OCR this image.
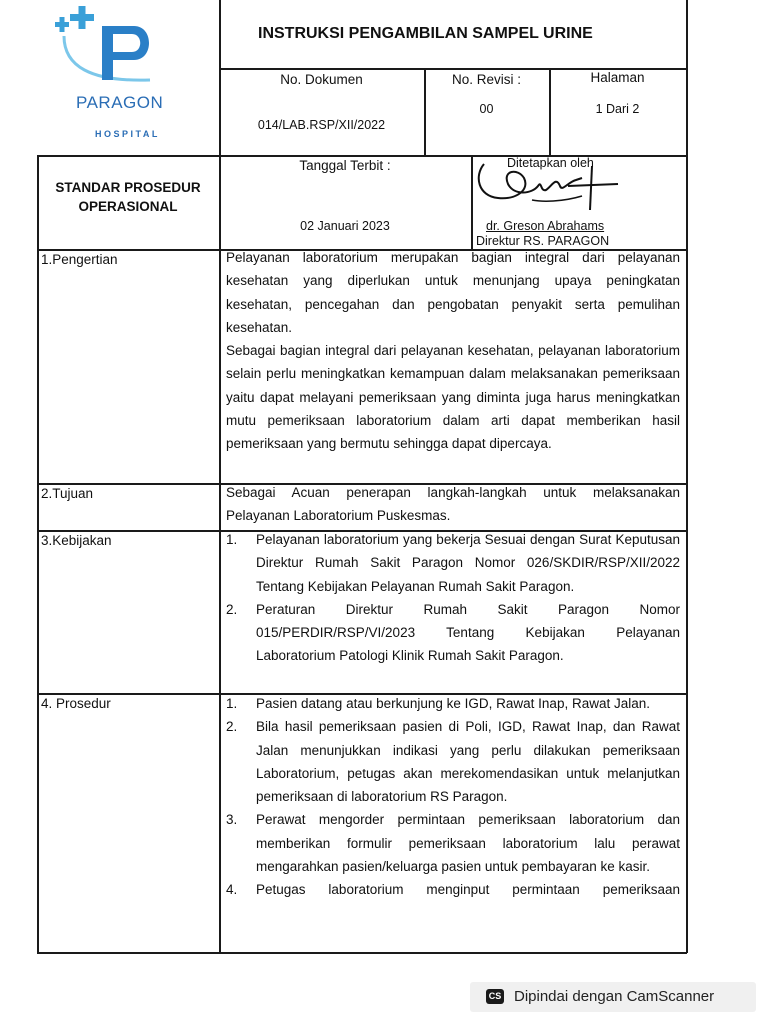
PARAGON
HOSPITAL
INSTRUKSI PENGAMBILAN SAMPEL URINE
No. Dokumen
014/LAB.RSP/XII/2022
No. Revisi :
00
Halaman
1 Dari 2
STANDAR PROSEDUR
OPERASIONAL
Tanggal Terbit :
02 Januari 2023
Ditetapkan oleh
dr. Greson Abrahams
Direktur RS. PARAGON
1.Pengertian	Pelayanan laboratorium merupakan bagian integral dari pelayanan kesehatan yang diperlukan untuk menunjang upaya peningkatan kesehatan, pencegahan dan pengobatan penyakit serta pemulihan kesehatan.

Sebagai bagian integral dari pelayanan kesehatan, pelayanan laboratorium selain perlu meningkatkan kemampuan dalam melaksanakan pemeriksaan yaitu dapat melayani pemeriksaan yang diminta juga harus meningkatkan mutu pemeriksaan laboratorium dalam arti dapat memberikan hasil pemeriksaan yang bermutu sehingga dapat dipercaya.

2.Tujuan	Sebagai Acuan penerapan langkah-langkah untuk melaksanakan Pelayanan Laboratorium Puskesmas.
3.Kebijakan	1. Pelayanan laboratorium yang bekerja Sesuai dengan Surat Keputusan Direktur Rumah Sakit Paragon Nomor 026/SKDIR/RSP/XII/2022 Tentang Kebijakan Pelayanan Rumah Sakit Paragon.
2. Peraturan Direktur Rumah Sakit Paragon Nomor 015/PERDIR/RSP/VI/2023 Tentang Kebijakan Pelayanan Laboratorium Patologi Klinik Rumah Sakit Paragon.
4. Prosedur	1. Pasien datang atau berkunjung ke IGD, Rawat Inap, Rawat Jalan.
2. Bila hasil pemeriksaan pasien di Poli, IGD, Rawat Inap, dan Rawat Jalan menunjukkan indikasi yang perlu dilakukan pemeriksaan Laboratorium, petugas akan merekomendasikan untuk melanjutkan pemeriksaan di laboratorium RS Paragon.
3. Perawat mengorder permintaan pemeriksaan laboratorium dan memberikan formulir pemeriksaan laboratorium lalu perawat mengarahkan pasien/keluarga pasien untuk pembayaran ke kasir.
4. Petugas laboratorium menginput permintaan pemeriksaan
CS Dipindai dengan CamScanner
